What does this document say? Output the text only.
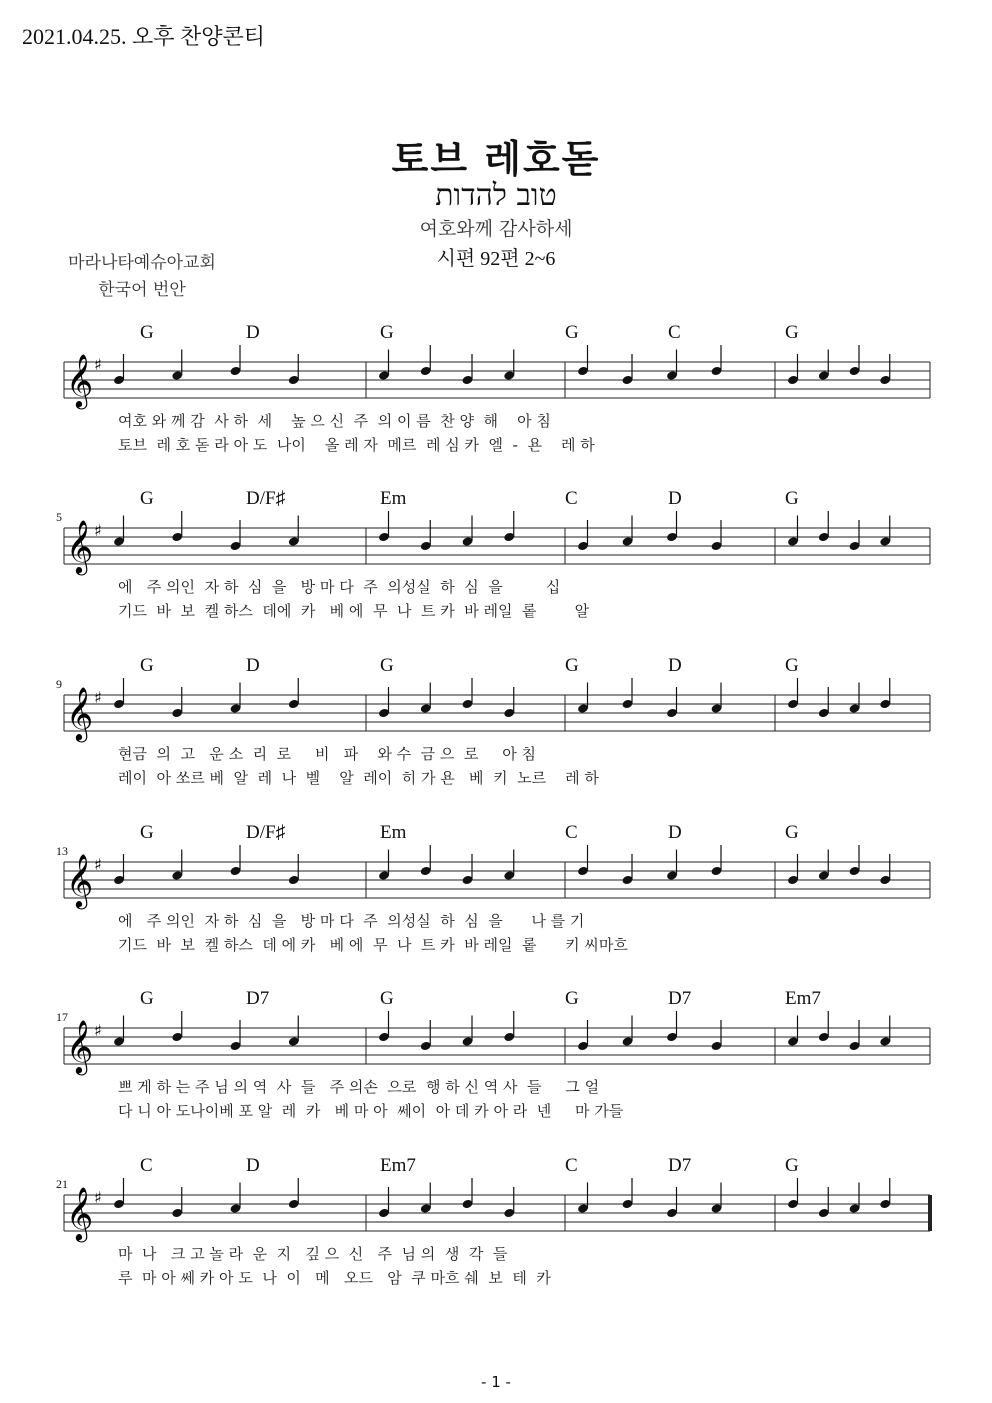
2021.04.25. 오후 찬양콘티
토브 레호돋
טוב להדות
여호와께 감사하세
시편 92편 2~6
마라나타예슈아교회
한국어 번안
G	D	G	G	C	G
𝄞 ♯
여호 와 께 감  사 하  세    높 으 신  주  의 이 름  찬 양  해    아 침
토브  레 호 돋 라 아 도  나이    올 레 자  메르  레 심 카  엘  -  욘    레 하
5
G	D/F♯	Em	C	D	G
𝄞 ♯
에   주 의인  자 하  심  을   방 마 다  주  의성실  하  심  을         십
기드  바  보  켈 하스  데에  카   베 에  무  나  트 카  바 레일  롵        알
9
G	D	G	G	D	G
𝄞 ♯
현금  의  고   운 소  리  로     비   파    와 수  금 으  로     아 침
레이  아 쏘르 베  알  레  나  벨    알  레이  히 가 욘   베  키  노르    레 하
13
G	D/F♯	Em	C	D	G
𝄞 ♯
에   주 의인  자 하  심  을   방 마 다  주  의성실  하  심  을      나 를 기
기드  바  보  켈 하스  데 에 카   베 에  무  나  트 카  바 레일  롵      키 씨마흐
17
G	D7	G	G	D7	Em7
𝄞 ♯
쁘 게 하 는 주 님 의 역  사  들   주 의손  으로  행 하 신 역 사  들     그 얼
다 니 아 도나이베 포 알  레  카   베 마 아  쎄이  아 데 카 아 라  넨     마 가들
21
C	D	Em7	C	D7	G
𝄞 ♯
마  나   크 고 놀 라  운  지   깊 으  신   주  님 의  생  각  들
루  마 아 쎄 카 아 도  나  이   메   오드   암  쿠 마흐 쉐  보  테  카
- 1 -
